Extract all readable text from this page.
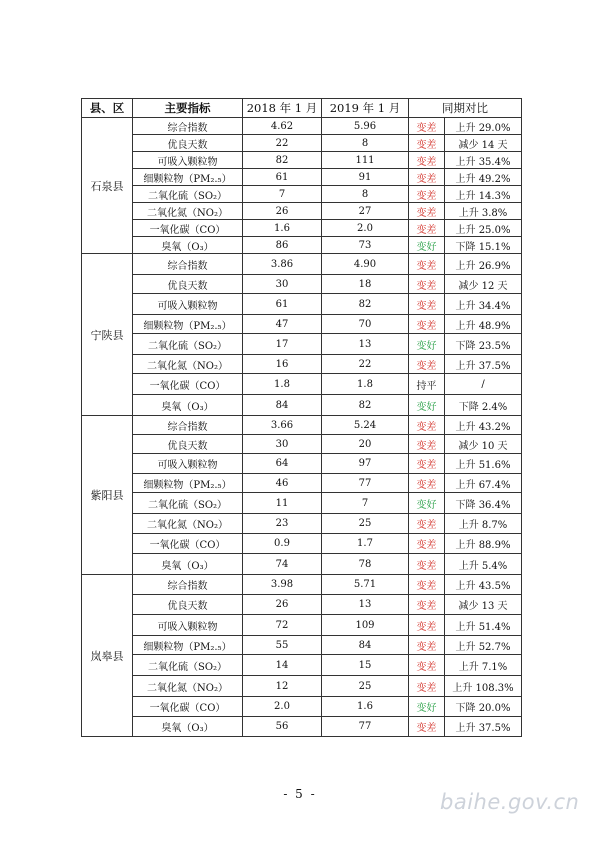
县、区	主要指标	2018 年 1 月	2019 年 1 月	同期对比	
石泉县	综合指数	4.62	5.96	变差	上升 29.0%
	优良天数	22	8	变差	减少 14 天
	可吸入颗粒物	82	111	变差	上升 35.4%
	细颗粒物（PM₂.₅）	61	91	变差	上升 49.2%
	二氧化硫（SO₂）	7	8	变差	上升 14.3%
	二氧化氮（NO₂）	26	27	变差	上升 3.8%
	一氧化碳（CO）	1.6	2.0	变差	上升 25.0%
	臭氧（O₃）	86	73	变好	下降 15.1%
宁陕县	综合指数	3.86	4.90	变差	上升 26.9%
	优良天数	30	18	变差	减少 12 天
	可吸入颗粒物	61	82	变差	上升 34.4%
	细颗粒物（PM₂.₅）	47	70	变差	上升 48.9%
	二氧化硫（SO₂）	17	13	变好	下降 23.5%
	二氧化氮（NO₂）	16	22	变差	上升 37.5%
	一氧化碳（CO）	1.8	1.8	持平	/
	臭氧（O₃）	84	82	变好	下降 2.4%
紫阳县	综合指数	3.66	5.24	变差	上升 43.2%
	优良天数	30	20	变差	减少 10 天
	可吸入颗粒物	64	97	变差	上升 51.6%
	细颗粒物（PM₂.₅）	46	77	变差	上升 67.4%
	二氧化硫（SO₂）	11	7	变好	下降 36.4%
	二氧化氮（NO₂）	23	25	变差	上升 8.7%
	一氧化碳（CO）	0.9	1.7	变差	上升 88.9%
	臭氧（O₃）	74	78	变差	上升 5.4%
岚皋县	综合指数	3.98	5.71	变差	上升 43.5%
	优良天数	26	13	变差	减少 13 天
	可吸入颗粒物	72	109	变差	上升 51.4%
	细颗粒物（PM₂.₅）	55	84	变差	上升 52.7%
	二氧化硫（SO₂）	14	15	变差	上升 7.1%
	二氧化氮（NO₂）	12	25	变差	上升 108.3%
	一氧化碳（CO）	2.0	1.6	变好	下降 20.0%
	臭氧（O₃）	56	77	变差	上升 37.5%
- 5 -	baihe.gov.cn
